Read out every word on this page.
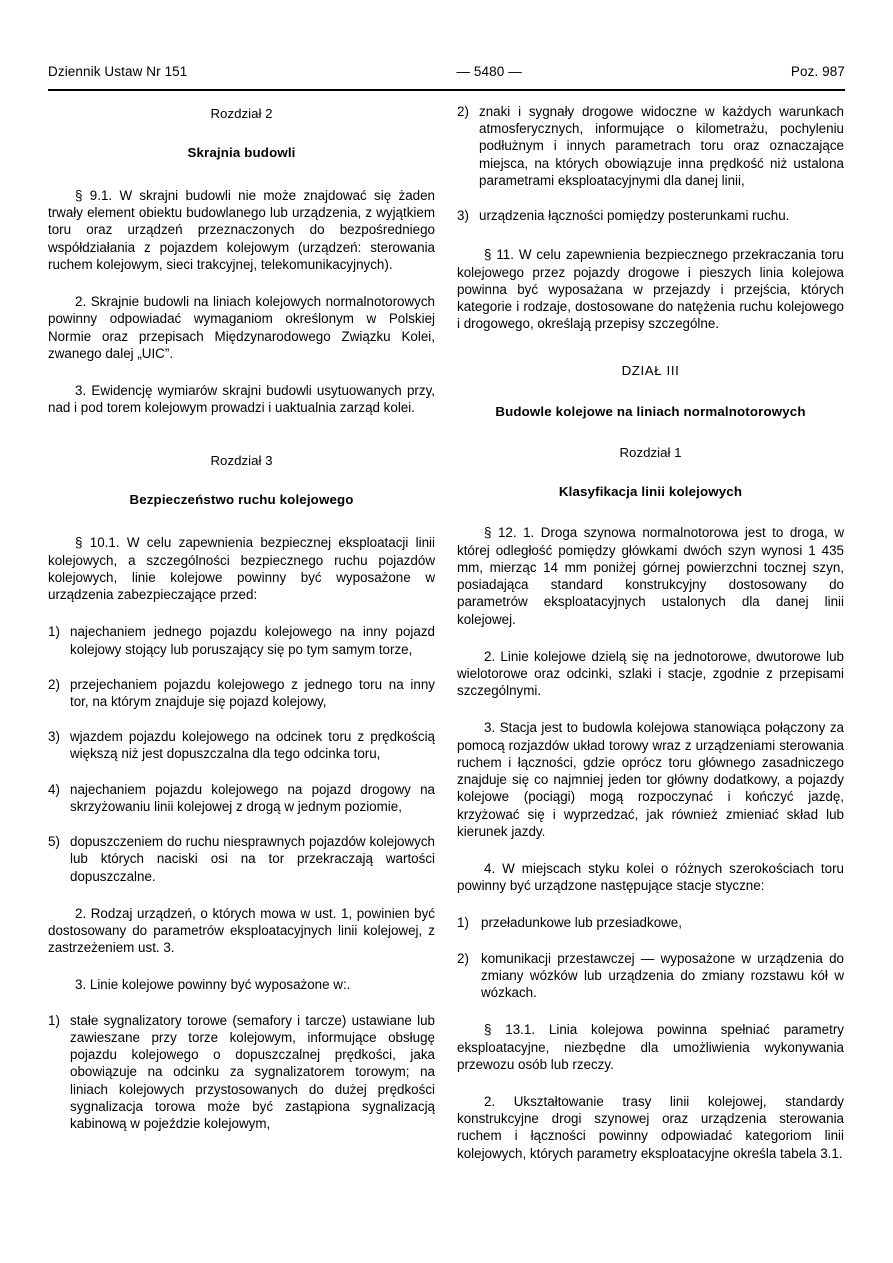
Dziennik Ustaw Nr 151	— 5480 —	Poz. 987
Rozdział 2
Skrajnia budowli

§ 9.1. W skrajni budowli nie może znajdować się żaden trwały element obiektu budowlanego lub urządzenia, z wyjątkiem toru oraz urządzeń przeznaczonych do bezpośredniego współdziałania z pojazdem kolejowym (urządzeń: sterowania ruchem kolejowym, sieci trakcyjnej, telekomunikacyjnych).

2. Skrajnie budowli na liniach kolejowych normalnotorowych powinny odpowiadać wymaganiom określonym w Polskiej Normie oraz przepisach Międzynarodowego Związku Kolei, zwanego dalej „UIC”.

3. Ewidencję wymiarów skrajni budowli usytuowanych przy, nad i pod torem kolejowym prowadzi i uaktualnia zarząd kolei.

Rozdział 3
Bezpieczeństwo ruchu kolejowego

§ 10.1. W celu zapewnienia bezpiecznej eksploatacji linii kolejowych, a szczególności bezpiecznego ruchu pojazdów kolejowych, linie kolejowe powinny być wyposażone w urządzenia zabezpieczające przed:

1) najechaniem jednego pojazdu kolejowego na inny pojazd kolejowy stojący lub poruszający się po tym samym torze,

2) przejechaniem pojazdu kolejowego z jednego toru na inny tor, na którym znajduje się pojazd kolejowy,

3) wjazdem pojazdu kolejowego na odcinek toru z prędkością większą niż jest dopuszczalna dla tego odcinka toru,

4) najechaniem pojazdu kolejowego na pojazd drogowy na skrzyżowaniu linii kolejowej z drogą w jednym poziomie,

5) dopuszczeniem do ruchu niesprawnych pojazdów kolejowych lub których naciski osi na tor przekraczają wartości dopuszczalne.

2. Rodzaj urządzeń, o których mowa w ust. 1, powinien być dostosowany do parametrów eksploatacyjnych linii kolejowej, z zastrzeżeniem ust. 3.

3. Linie kolejowe powinny być wyposażone w:.

1) stałe sygnalizatory torowe (semafory i tarcze) ustawiane lub zawieszane przy torze kolejowym, informujące obsługę pojazdu kolejowego o dopuszczalnej prędkości, jaka obowiązuje na odcinku za sygnalizatorem torowym; na liniach kolejowych przystosowanych do dużej prędkości sygnalizacja torowa może być zastąpiona sygnalizacją kabinową w pojeździe kolejowym,

2) znaki i sygnały drogowe widoczne w każdych warunkach atmosferycznych, informujące o kilometrażu, pochyleniu podłużnym i innych parametrach toru oraz oznaczające miejsca, na których obowiązuje inna prędkość niż ustalona parametrami eksploatacyjnymi dla danej linii,

3) urządzenia łączności pomiędzy posterunkami ruchu.

§ 11. W celu zapewnienia bezpiecznego przekraczania toru kolejowego przez pojazdy drogowe i pieszych linia kolejowa powinna być wyposażana w przejazdy i przejścia, których kategorie i rodzaje, dostosowane do natężenia ruchu kolejowego i drogowego, określają przepisy szczególne.

DZIAŁ III
Budowle kolejowe na liniach normalnotorowych
Rozdział 1
Klasyfikacja linii kolejowych

§ 12. 1. Droga szynowa normalnotorowa jest to droga, w której odległość pomiędzy główkami dwóch szyn wynosi 1 435 mm, mierząc 14 mm poniżej górnej powierzchni tocznej szyn, posiadająca standard konstrukcyjny dostosowany do parametrów eksploatacyjnych ustalonych dla danej linii kolejowej.

2. Linie kolejowe dzielą się na jednotorowe, dwutorowe lub wielotorowe oraz odcinki, szlaki i stacje, zgodnie z przepisami szczególnymi.

3. Stacja jest to budowla kolejowa stanowiąca połączony za pomocą rozjazdów układ torowy wraz z urządzeniami sterowania ruchem i łączności, gdzie oprócz toru głównego zasadniczego znajduje się co najmniej jeden tor główny dodatkowy, a pojazdy kolejowe (pociągi) mogą rozpoczynać i kończyć jazdę, krzyżować się i wyprzedzać, jak również zmieniać skład lub kierunek jazdy.

4. W miejscach styku kolei o różnych szerokościach toru powinny być urządzone następujące stacje styczne:

1) przeładunkowe lub przesiadkowe,

2) komunikacji przestawczej — wyposażone w urządzenia do zmiany wózków lub urządzenia do zmiany rozstawu kół w wózkach.

§ 13.1. Linia kolejowa powinna spełniać parametry eksploatacyjne, niezbędne dla umożliwienia wykonywania przewozu osób lub rzeczy.

2. Ukształtowanie trasy linii kolejowej, standardy konstrukcyjne drogi szynowej oraz urządzenia sterowania ruchem i łączności powinny odpowiadać kategoriom linii kolejowych, których parametry eksploatacyjne określa tabela 3.1.
